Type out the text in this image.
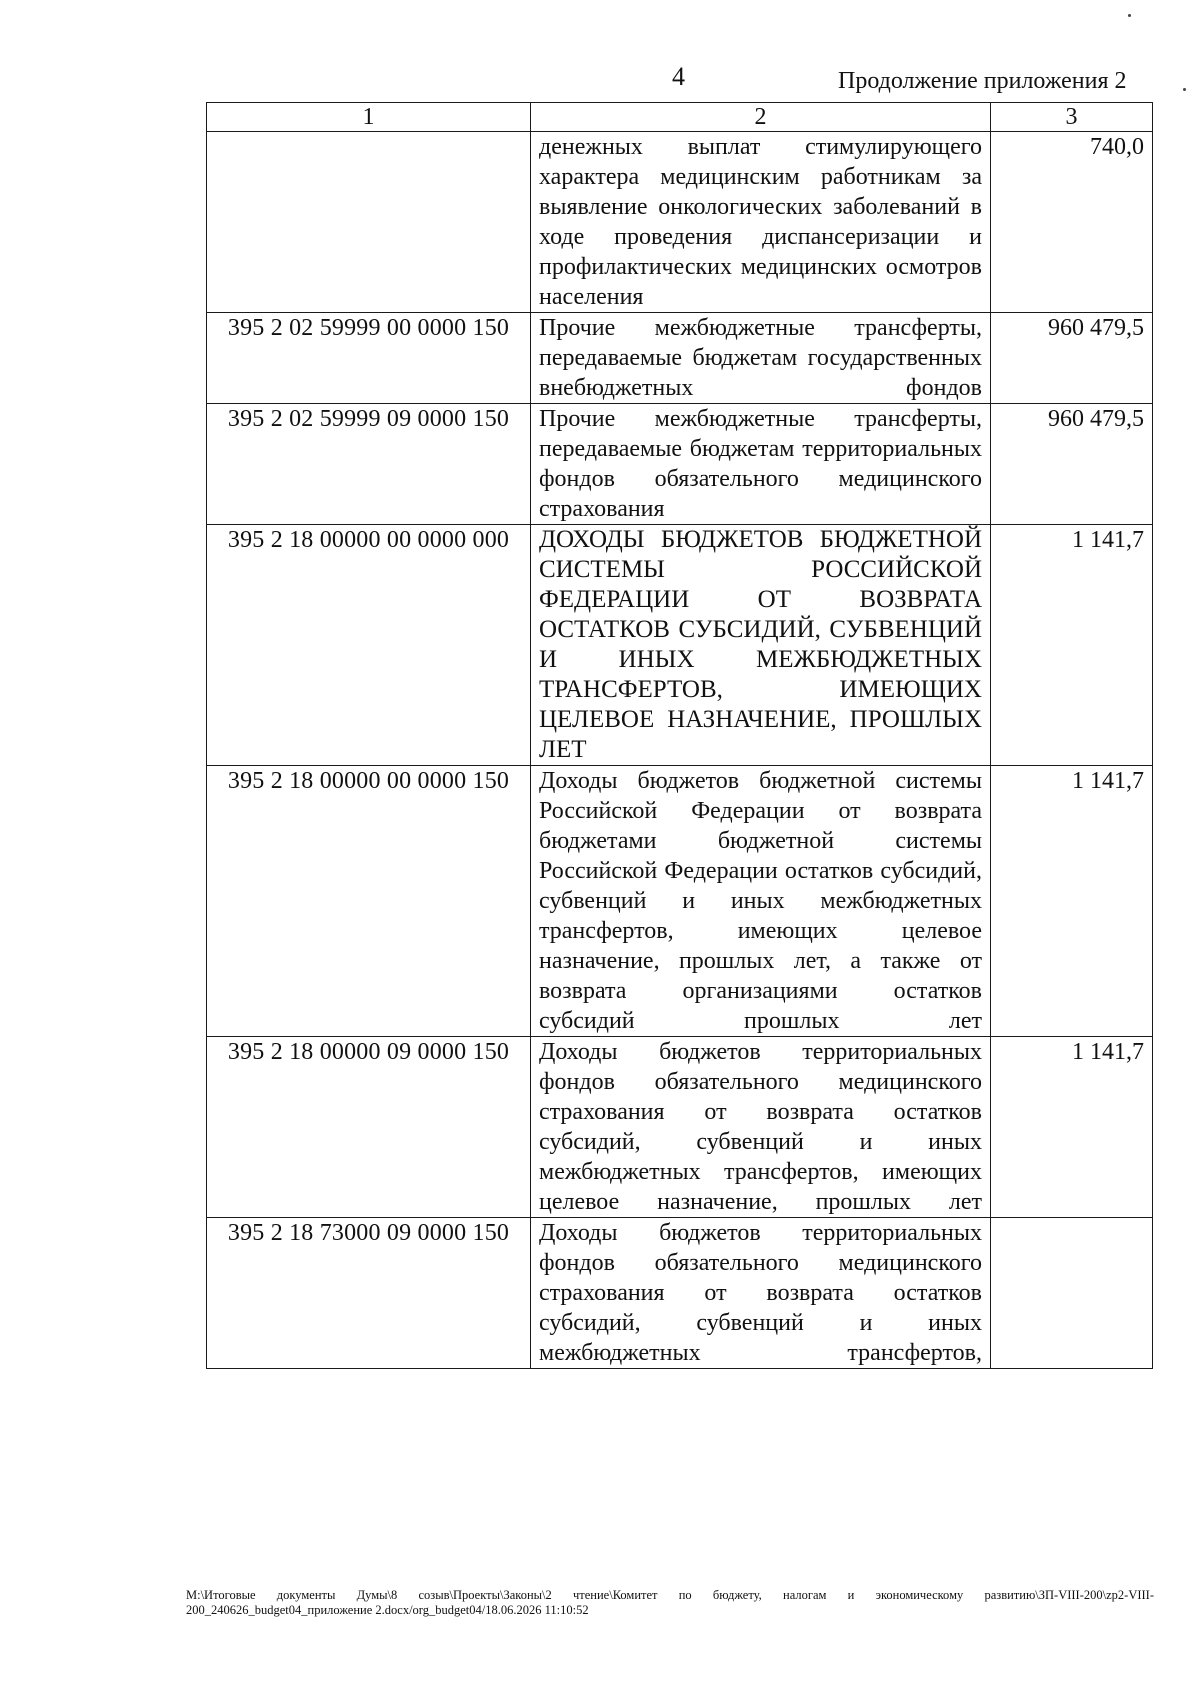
4	Продолжение приложения 2
1	2	3
	денежных выплат стимулирующего характера медицинским работникам за выявление онкологических заболеваний в ходе проведения диспансеризации и профилактических медицинских осмотров населения	740,0
395 2 02 59999 00 0000 150	Прочие межбюджетные трансферты, передаваемые бюджетам государственных внебюджетных фондов	960 479,5
395 2 02 59999 09 0000 150	Прочие межбюджетные трансферты, передаваемые бюджетам территориальных фондов обязательного медицинского страхования	960 479,5
395 2 18 00000 00 0000 000	ДОХОДЫ БЮДЖЕТОВ БЮДЖЕТНОЙ СИСТЕМЫ РОССИЙСКОЙ ФЕДЕРАЦИИ ОТ ВОЗВРАТА ОСТАТКОВ СУБСИДИЙ, СУБВЕНЦИЙ И ИНЫХ МЕЖБЮДЖЕТНЫХ ТРАНСФЕРТОВ, ИМЕЮЩИХ ЦЕЛЕВОЕ НАЗНАЧЕНИЕ, ПРОШЛЫХ ЛЕТ	1 141,7
395 2 18 00000 00 0000 150	Доходы бюджетов бюджетной системы Российской Федерации от возврата бюджетами бюджетной системы Российской Федерации остатков субсидий, субвенций и иных межбюджетных трансфертов, имеющих целевое назначение, прошлых лет, а также от возврата организациями остатков субсидий прошлых лет	1 141,7
395 2 18 00000 09 0000 150	Доходы бюджетов территориальных фондов обязательного медицинского страхования от возврата остатков субсидий, субвенций и иных межбюджетных трансфертов, имеющих целевое назначение, прошлых лет	1 141,7
395 2 18 73000 09 0000 150	Доходы бюджетов территориальных фондов обязательного медицинского страхования от возврата остатков субсидий, субвенций и иных межбюджетных трансфертов,	
M:\Итоговые документы Думы\8 созыв\Проекты\Законы\2 чтение\Комитет по бюджету, налогам и экономическому развитию\ЗП-VIII-200\zp2-VIII-200_240626_budget04_приложение 2.docx/org_budget04/18.06.2026 11:10:52
